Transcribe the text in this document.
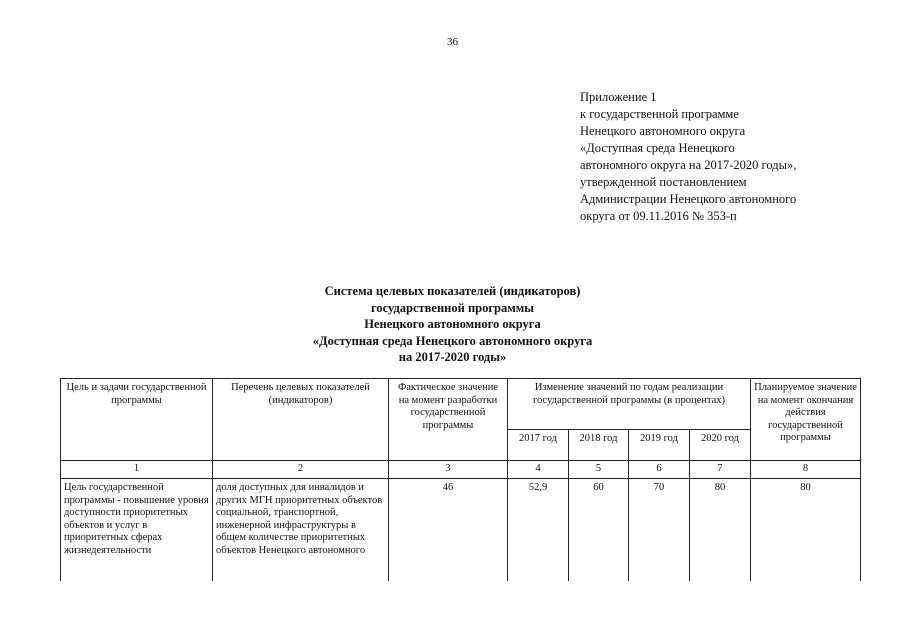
36
Приложение 1
к государственной программе
Ненецкого автономного округа
«Доступная среда Ненецкого
автономного округа на 2017-2020 годы»,
утвержденной постановлением
Администрации Ненецкого автономного
округа от 09.11.2016 № 353-п
Система целевых показателей (индикаторов)
государственной программы
Ненецкого автономного округа
«Доступная среда Ненецкого автономного округа
на 2017-2020 годы»
Цель и задачи государственной программы	Перечень целевых показателей (индикаторов)	Фактическое значение на момент разработки государственной программы	Изменение значений по годам реализации государственной программы (в процентах)				Планируемое значение на момент окончания действия государственной программы
			2017 год	2018 год	2019 год	2020 год	
1	2	3	4	5	6	7	8
Цель государственной программы - повышение уровня доступности приоритетных объектов и услуг в приоритетных сферах жизнедеятельности	доля доступных для инвалидов и других МГН приоритетных объектов социальной, транспортной, инженерной инфраструктуры в общем количестве приоритетных объектов Ненецкого автономного	46	52,9	60	70	80	80
